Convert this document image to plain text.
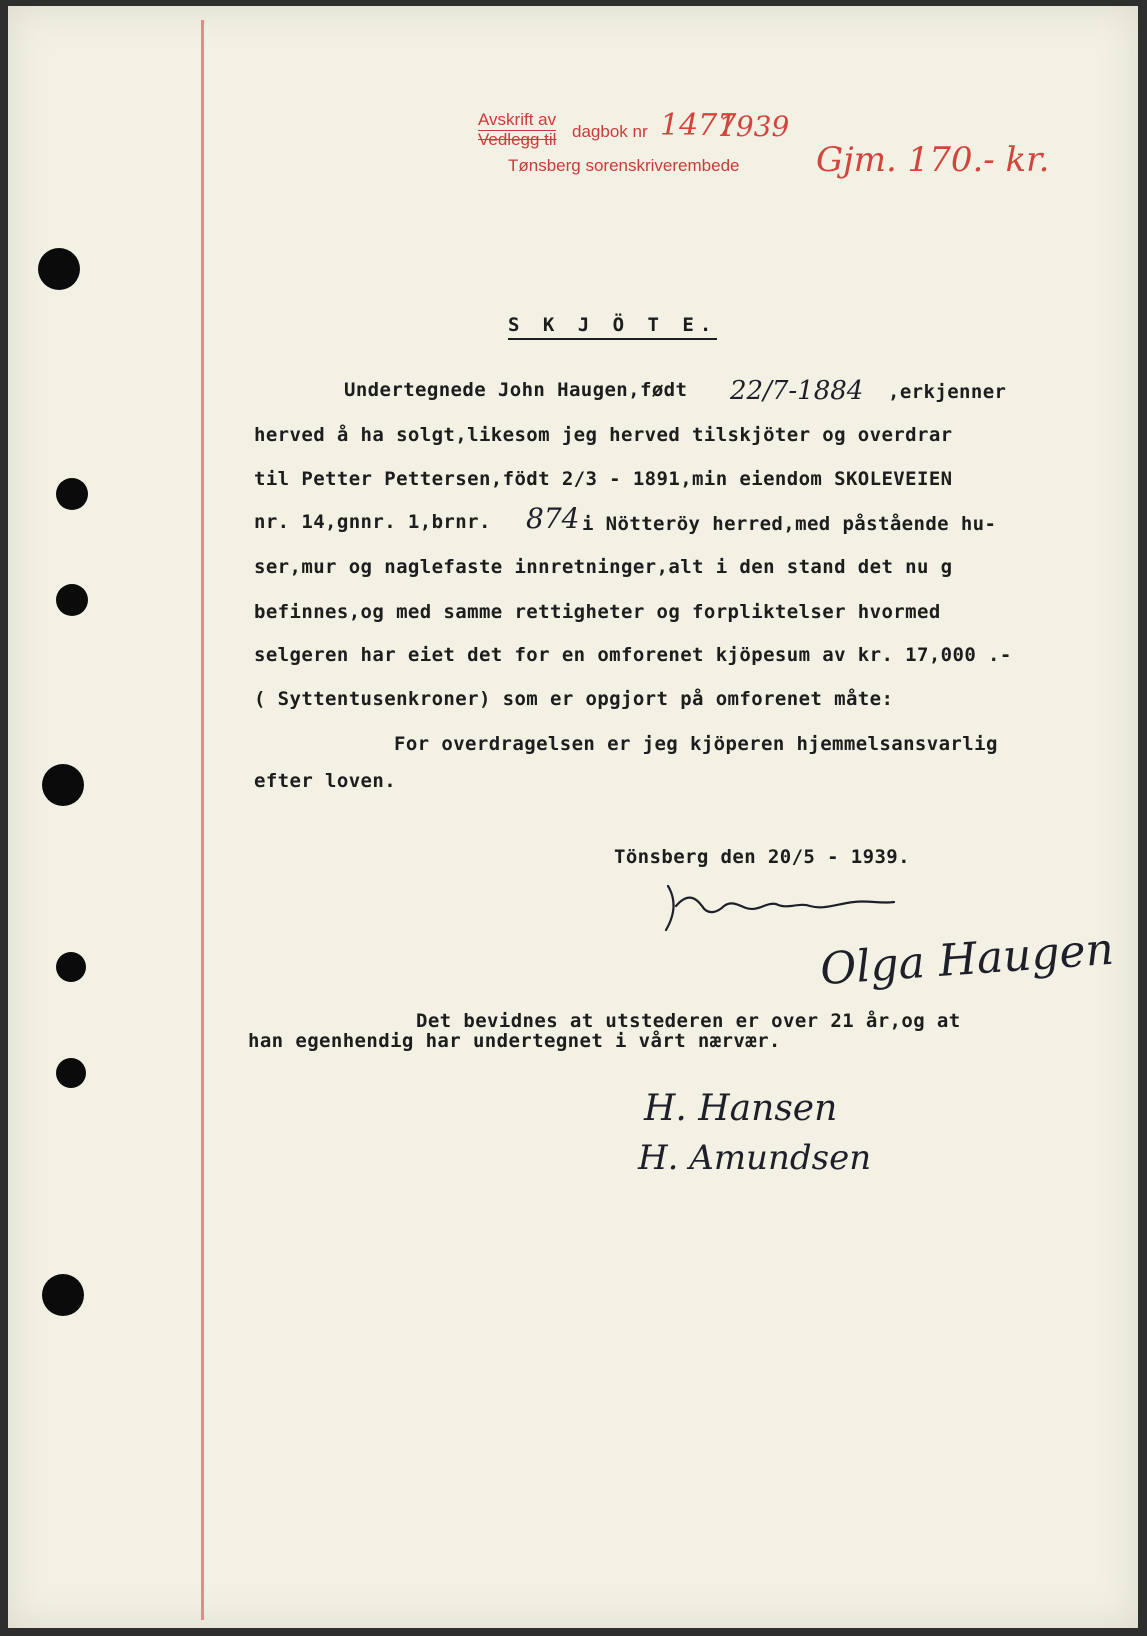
Avskrift av
Vedlegg til dagbok nr
Tønsberg sorenskriverembede
1477
1939
Gjm. 170.- kr.
S K J Ö T E.
Undertegnede John Haugen,født 22/7-1884 ,erkjenner
herved å ha solgt,likesom jeg herved tilskjöter og overdrar
til Petter Pettersen,födt 2/3 - 1891,min eiendom SKOLEVEIEN
nr. 14,gnnr. 1,brnr. 874 i Nötteröy herred,med påstående hu-
ser,mur og naglefaste innretninger,alt i den stand det nu g
befinnes,og med samme rettigheter og forpliktelser hvormed
selgeren har eiet det for en omforenet kjöpesum av kr. 17,000 .-
( Syttentusenkroner) som er opgjort på omforenet måte:
For overdragelsen er jeg kjöperen hjemmelsansvarlig
efter loven.
Tönsberg den 20/5 - 1939.
Olga Haugen
Det bevidnes at utstederen er over 21 år,og at
han egenhendig har undertegnet i vårt nærvær.
H. Hansen
H. Amundsen
